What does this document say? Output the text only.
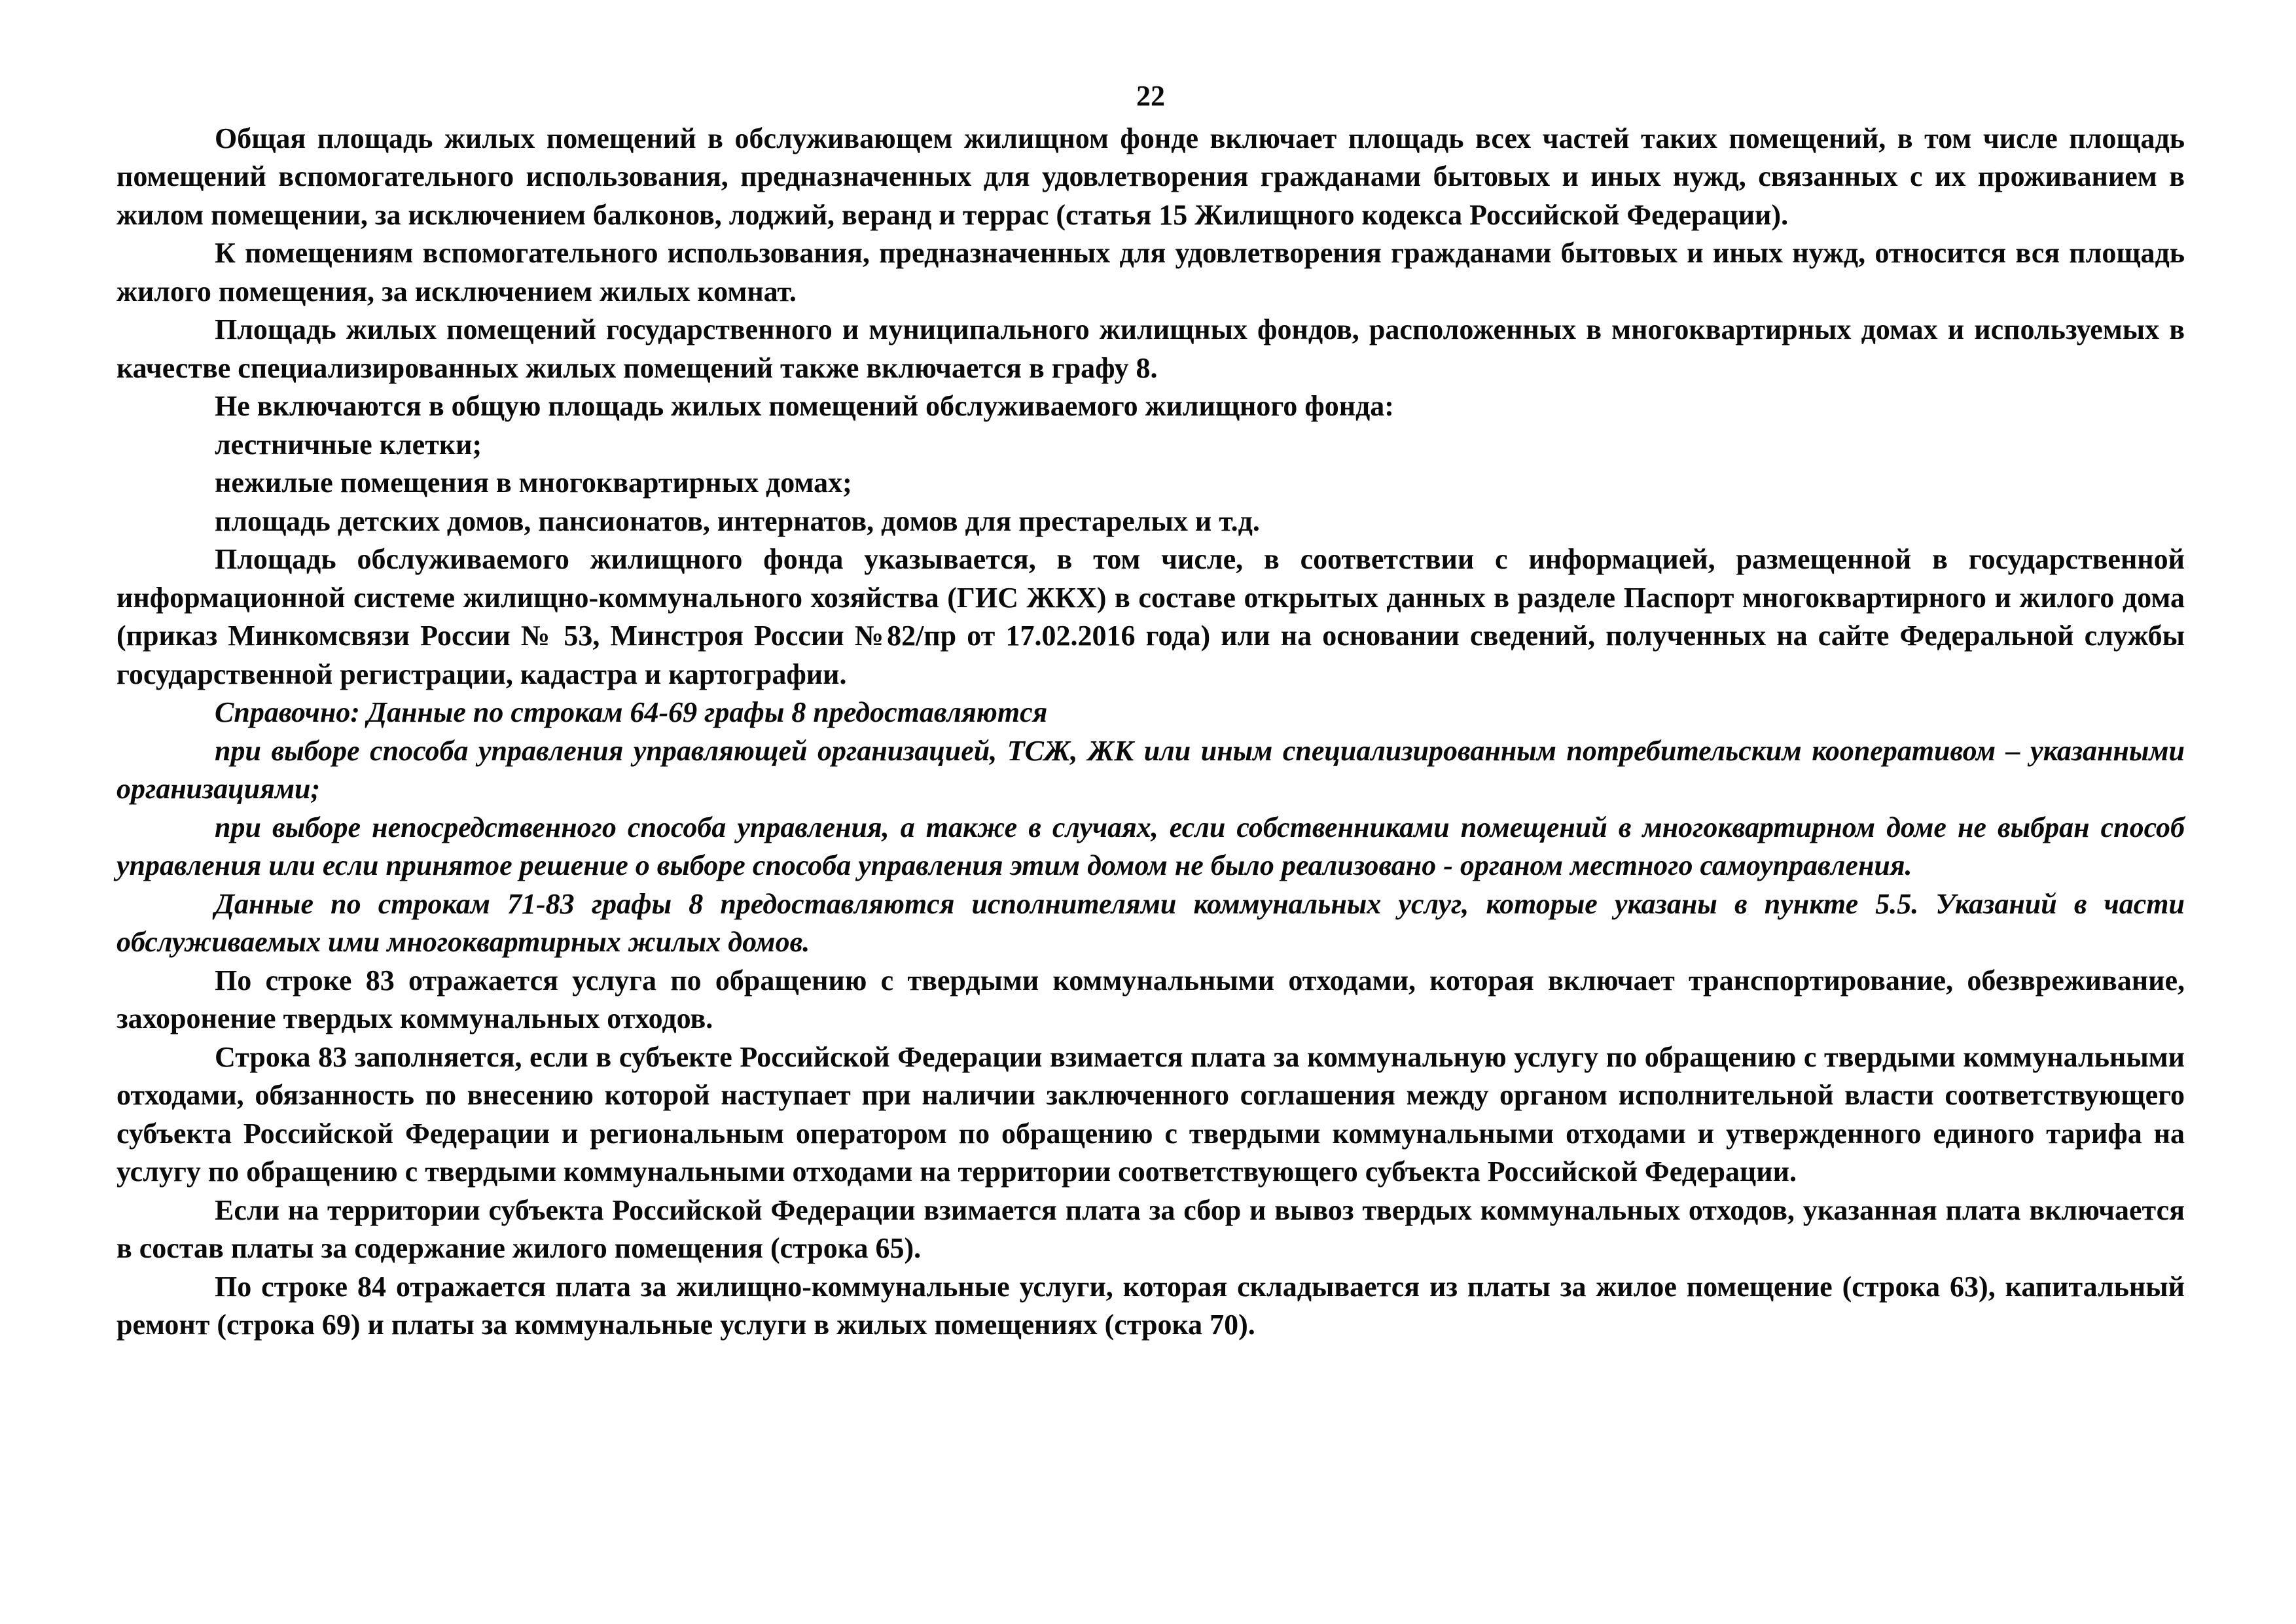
22

Общая площадь жилых помещений в обслуживающем жилищном фонде включает площадь всех частей таких помещений, в том числе площадь помещений вспомогательного использования, предназначенных для удовлетворения гражданами бытовых и иных нужд, связанных с их проживанием в жилом помещении, за исключением балконов, лоджий, веранд и террас (статья 15 Жилищного кодекса Российской Федерации).

К помещениям вспомогательного использования, предназначенных для удовлетворения гражданами бытовых и иных нужд, относится вся площадь жилого помещения, за исключением жилых комнат.

Площадь жилых помещений государственного и муниципального жилищных фондов, расположенных в многоквартирных домах и используемых в качестве специализированных жилых помещений также включается в графу 8.

Не включаются в общую площадь жилых помещений обслуживаемого жилищного фонда:

лестничные клетки;

нежилые помещения в многоквартирных домах;

площадь детских домов, пансионатов, интернатов, домов для престарелых и т.д.

Площадь обслуживаемого жилищного фонда указывается, в том числе, в соответствии с информацией, размещенной в государственной информационной системе жилищно-коммунального хозяйства (ГИС ЖКХ) в составе открытых данных в разделе Паспорт многоквартирного и жилого дома (приказ Минкомсвязи России № 53, Минстроя России №82/пр от 17.02.2016 года) или на основании сведений, полученных на сайте Федеральной службы государственной регистрации, кадастра и картографии.

Справочно: Данные по строкам 64-69 графы 8 предоставляются

при выборе способа управления управляющей организацией, ТСЖ, ЖК или иным специализированным потребительским кооперативом – указанными организациями;

при выборе непосредственного способа управления, а также в случаях, если собственниками помещений в многоквартирном доме не выбран способ управления или если принятое решение о выборе способа управления этим домом не было реализовано - органом местного самоуправления.

Данные по строкам 71-83 графы 8 предоставляются исполнителями коммунальных услуг, которые указаны в пункте 5.5. Указаний в части обслуживаемых ими многоквартирных жилых домов.

По строке 83 отражается услуга по обращению с твердыми коммунальными отходами, которая включает транспортирование, обезвреживание, захоронение твердых коммунальных отходов.

Строка 83 заполняется, если в субъекте Российской Федерации взимается плата за коммунальную услугу по обращению с твердыми коммунальными отходами, обязанность по внесению которой наступает при наличии заключенного соглашения между органом исполнительной власти соответствующего субъекта Российской Федерации и региональным оператором по обращению с твердыми коммунальными отходами и утвержденного единого тарифа на услугу по обращению с твердыми коммунальными отходами на территории соответствующего субъекта Российской Федерации.

Если на территории субъекта Российской Федерации взимается плата за сбор и вывоз твердых коммунальных отходов, указанная плата включается в состав платы за содержание жилого помещения (строка 65).

По строке 84 отражается плата за жилищно-коммунальные услуги, которая складывается из платы за жилое помещение (строка 63), капитальный ремонт (строка 69) и платы за коммунальные услуги в жилых помещениях (строка 70).
